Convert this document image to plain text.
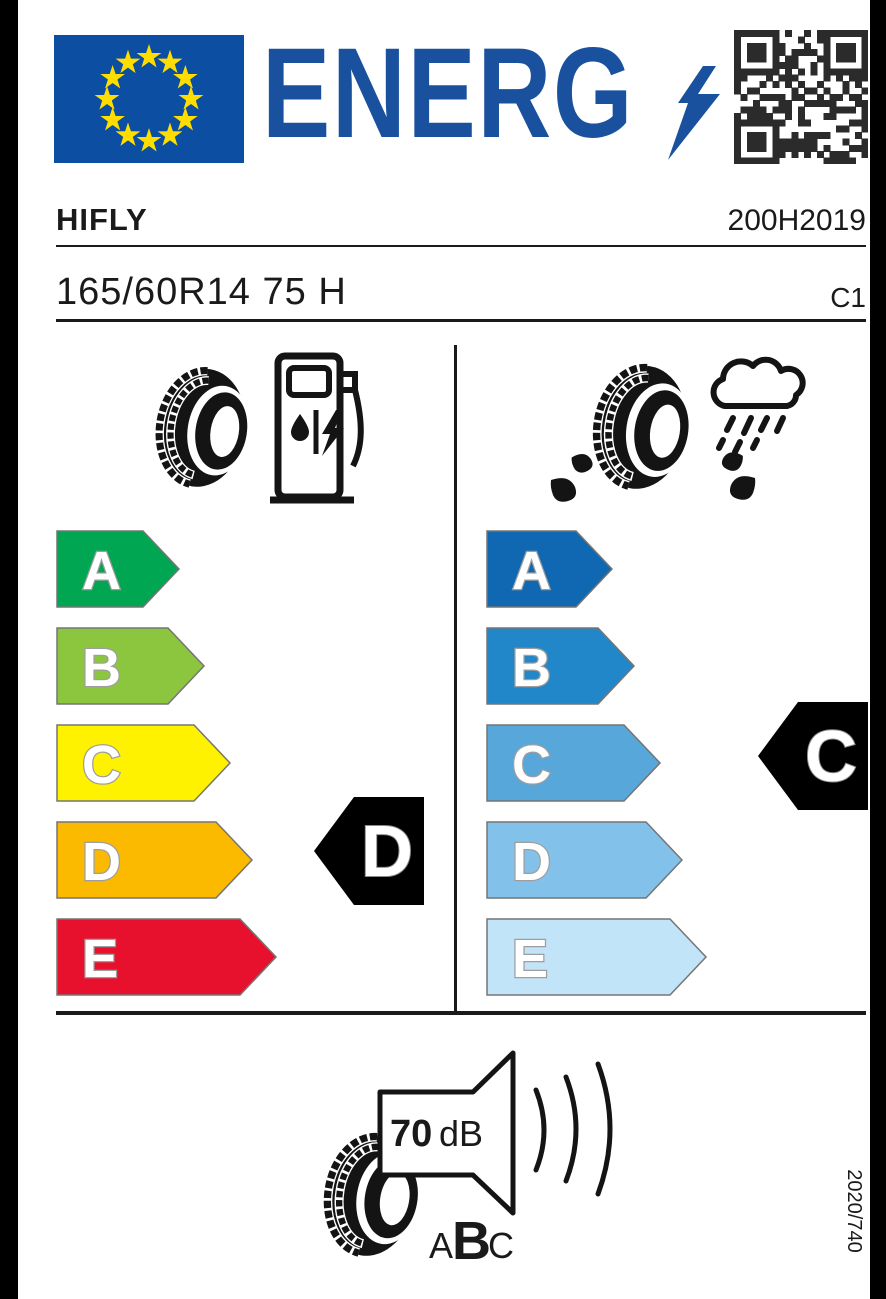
ENERG
HIFLY	200H2019
165/60R14 75 H	C1
A
B
C
D
E
A
B
C
D
E
D
C
70 dB
A
B
C	2020/740
